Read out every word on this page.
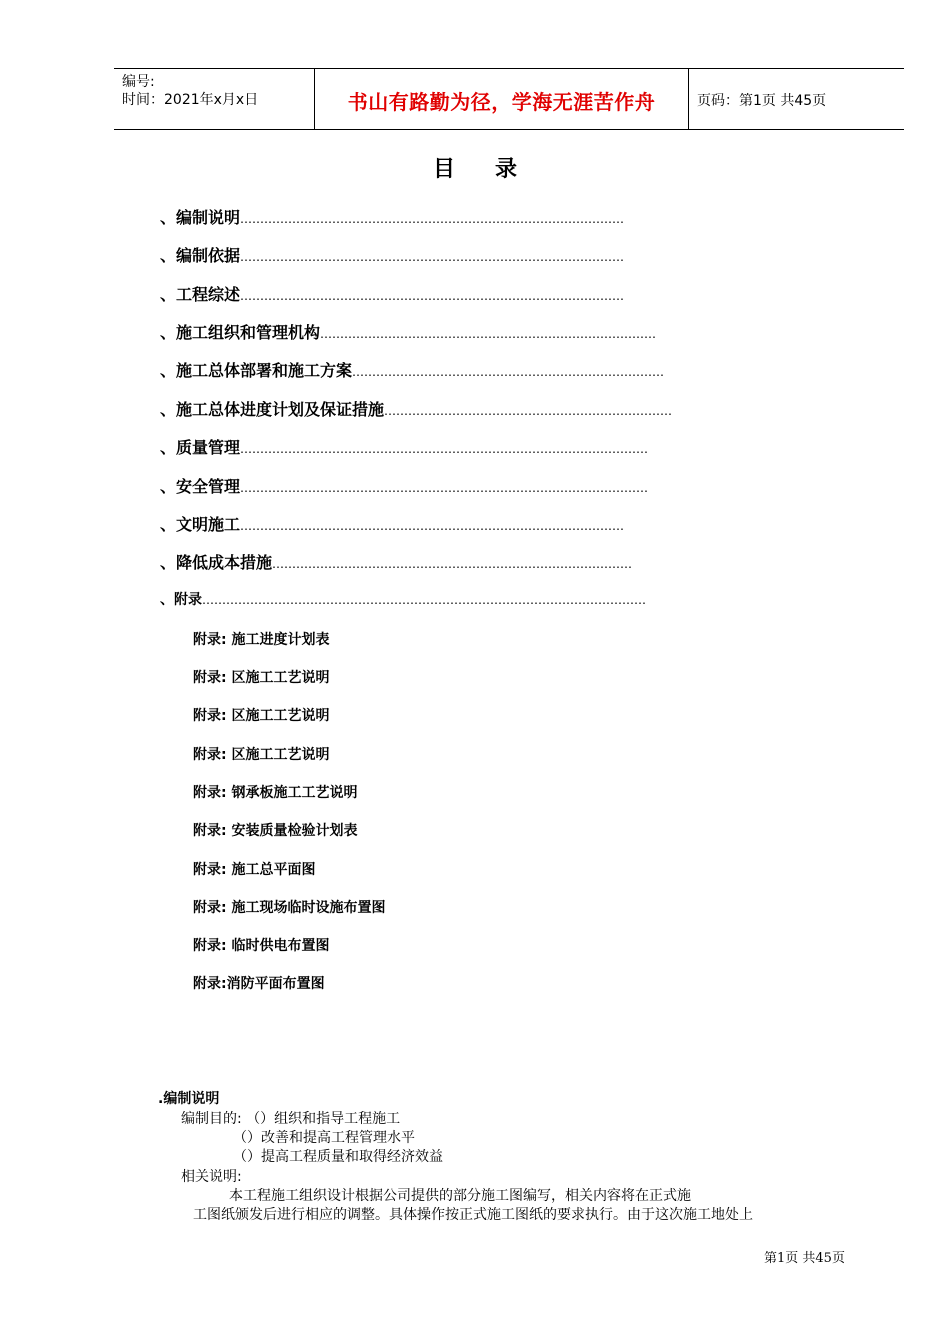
编号:
时间：2021年x月x日	书山有路勤为径，学海无涯苦作舟	页码：第1页 共45页
目录
、编制说明……………………………………………………………………………………
、编制依据……………………………………………………………………………………
、工程综述……………………………………………………………………………………
、施工组织和管理机构…………………………………………………………………………
、施工总体部署和施工方案……………………………………………………………………
、施工总体进度计划及保证措施………………………………………………………………
、质量管理…………………………………………………………………………………………
、安全管理…………………………………………………………………………………………
、文明施工……………………………………………………………………………………
、降低成本措施………………………………………………………………………………
、附录…………………………………………………………………………………………………
附录: 施工进度计划表
附录: 区施工工艺说明
附录: 区施工工艺说明
附录: 区施工工艺说明
附录: 钢承板施工工艺说明
附录: 安装质量检验计划表
附录: 施工总平面图
附录: 施工现场临时设施布置图
附录: 临时供电布置图
附录:消防平面布置图
.编制说明
编制目的: （）组织和指导工程施工
（）改善和提高工程管理水平
（）提高工程质量和取得经济效益
相关说明:
本工程施工组织设计根据公司提供的部分施工图编写，相关内容将在正式施
工图纸颁发后进行相应的调整。具体操作按正式施工图纸的要求执行。由于这次施工地处上
第1页 共45页
